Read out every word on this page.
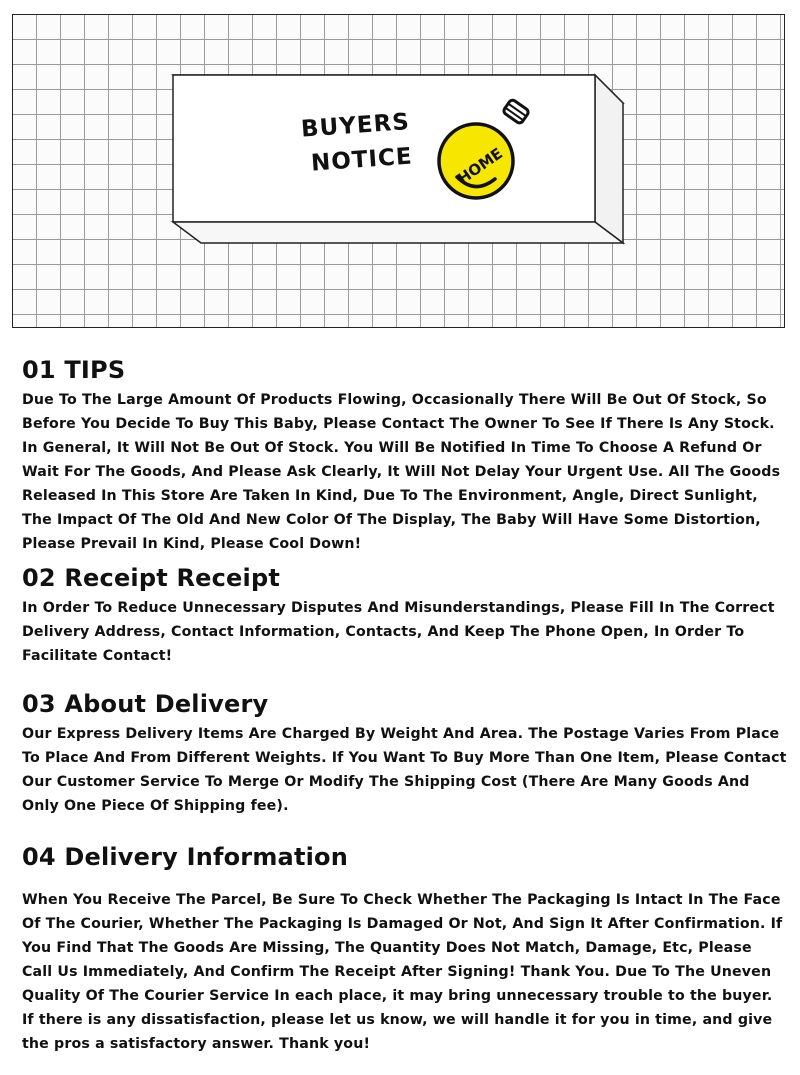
BUYERS
NOTICE	HOME
01 TIPS

Due To The Large Amount Of Products Flowing, Occasionally There Will Be Out Of Stock, So Before You Decide To Buy This Baby, Please Contact The Owner To See If There Is Any Stock. In General, It Will Not Be Out Of Stock. You Will Be Notified In Time To Choose A Refund Or Wait For The Goods, And Please Ask Clearly, It Will Not Delay Your Urgent Use. All The Goods Released In This Store Are Taken In Kind, Due To The Environment, Angle, Direct Sunlight, The Impact Of The Old And New Color Of The Display, The Baby Will Have Some Distortion, Please Prevail In Kind, Please Cool Down!

02 Receipt Receipt

In Order To Reduce Unnecessary Disputes And Misunderstandings, Please Fill In The Correct Delivery Address, Contact Information, Contacts, And Keep The Phone Open, In Order To Facilitate Contact!

03 About Delivery

Our Express Delivery Items Are Charged By Weight And Area. The Postage Varies From Place To Place And From Different Weights. If You Want To Buy More Than One Item, Please Contact Our Customer Service To Merge Or Modify The Shipping Cost (There Are Many Goods And Only One Piece Of Shipping fee).

04 Delivery Information

When You Receive The Parcel, Be Sure To Check Whether The Packaging Is Intact In The Face Of The Courier, Whether The Packaging Is Damaged Or Not, And Sign It After Confirmation. If You Find That The Goods Are Missing, The Quantity Does Not Match, Damage, Etc, Please Call Us Immediately, And Confirm The Receipt After Signing! Thank You. Due To The Uneven Quality Of The Courier Service In each place, it may bring unnecessary trouble to the buyer. If there is any dissatisfaction, please let us know, we will handle it for you in time, and give the pros a satisfactory answer. Thank you!
